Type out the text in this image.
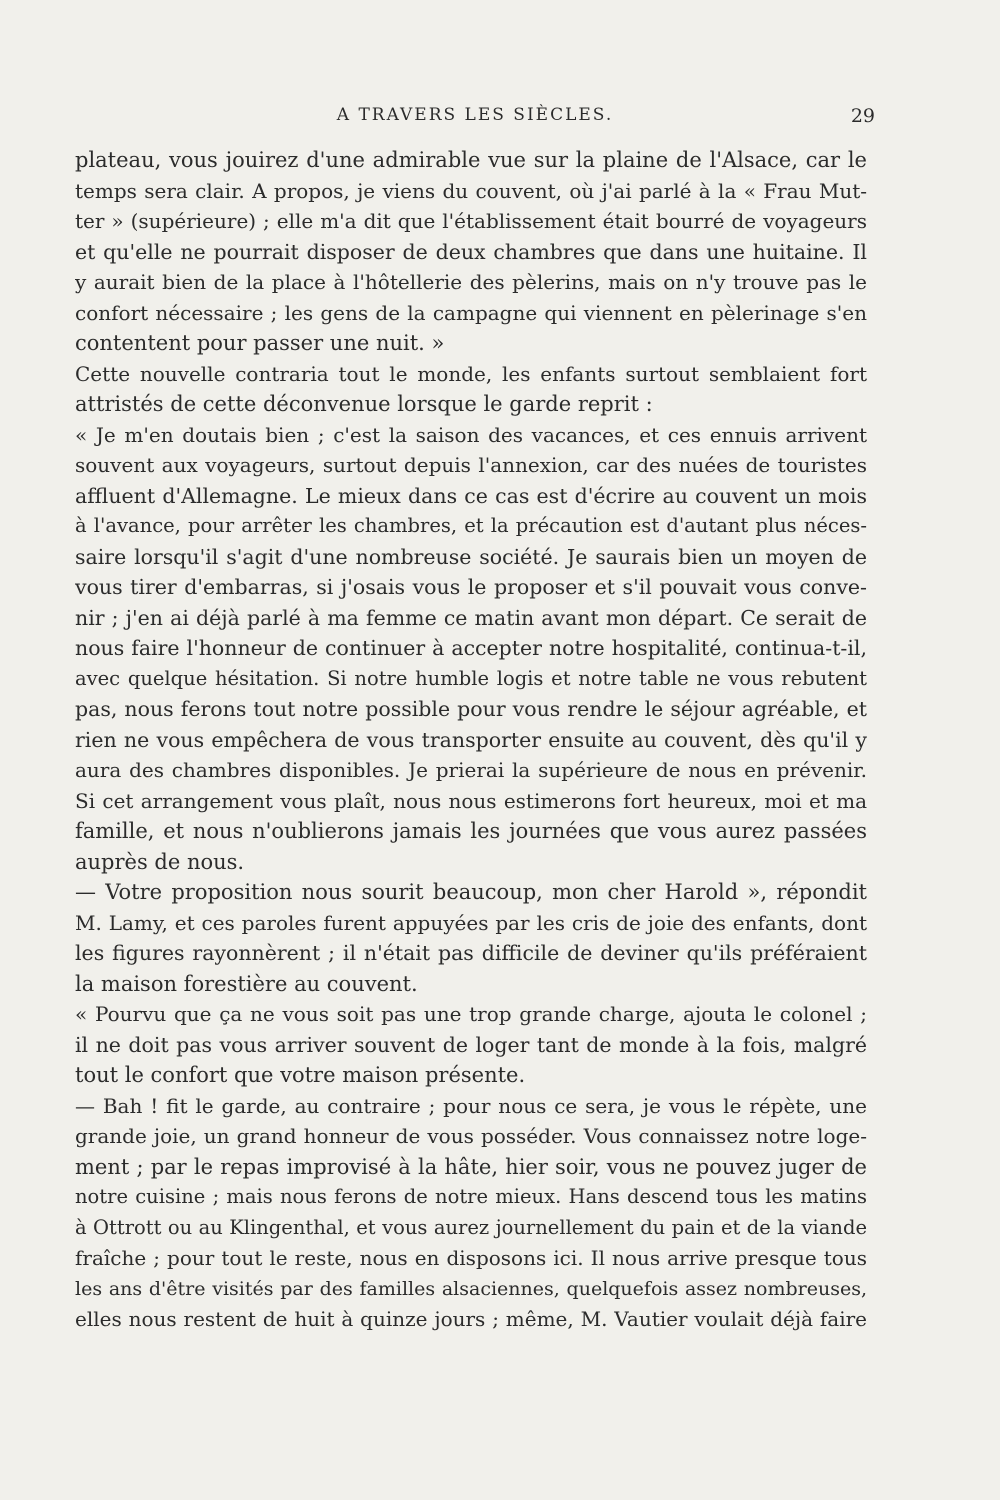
A TRAVERS LES SIÈCLES.	29
plateau, vous jouirez d'une admirable vue sur la plaine de l'Alsace, car le
temps sera clair. A propos, je viens du couvent, où j'ai parlé à la « Frau Mut-
ter » (supérieure) ; elle m'a dit que l'établissement était bourré de voyageurs
et qu'elle ne pourrait disposer de deux chambres que dans une huitaine. Il
y aurait bien de la place à l'hôtellerie des pèlerins, mais on n'y trouve pas le
confort nécessaire ; les gens de la campagne qui viennent en pèlerinage s'en
contentent pour passer une nuit. »
Cette nouvelle contraria tout le monde, les enfants surtout semblaient fort
attristés de cette déconvenue lorsque le garde reprit :
« Je m'en doutais bien ; c'est la saison des vacances, et ces ennuis arrivent
souvent aux voyageurs, surtout depuis l'annexion, car des nuées de touristes
affluent d'Allemagne. Le mieux dans ce cas est d'écrire au couvent un mois
à l'avance, pour arrêter les chambres, et la précaution est d'autant plus néces-
saire lorsqu'il s'agit d'une nombreuse société. Je saurais bien un moyen de
vous tirer d'embarras, si j'osais vous le proposer et s'il pouvait vous conve-
nir ; j'en ai déjà parlé à ma femme ce matin avant mon départ. Ce serait de
nous faire l'honneur de continuer à accepter notre hospitalité, continua-t-il,
avec quelque hésitation. Si notre humble logis et notre table ne vous rebutent
pas, nous ferons tout notre possible pour vous rendre le séjour agréable, et
rien ne vous empêchera de vous transporter ensuite au couvent, dès qu'il y
aura des chambres disponibles. Je prierai la supérieure de nous en prévenir.
Si cet arrangement vous plaît, nous nous estimerons fort heureux, moi et ma
famille, et nous n'oublierons jamais les journées que vous aurez passées
auprès de nous.
— Votre proposition nous sourit beaucoup, mon cher Harold », répondit
M. Lamy, et ces paroles furent appuyées par les cris de joie des enfants, dont
les figures rayonnèrent ; il n'était pas difficile de deviner qu'ils préféraient
la maison forestière au couvent.
« Pourvu que ça ne vous soit pas une trop grande charge, ajouta le colonel ;
il ne doit pas vous arriver souvent de loger tant de monde à la fois, malgré
tout le confort que votre maison présente.
— Bah ! fit le garde, au contraire ; pour nous ce sera, je vous le répète, une
grande joie, un grand honneur de vous posséder. Vous connaissez notre loge-
ment ; par le repas improvisé à la hâte, hier soir, vous ne pouvez juger de
notre cuisine ; mais nous ferons de notre mieux. Hans descend tous les matins
à Ottrott ou au Klingenthal, et vous aurez journellement du pain et de la viande
fraîche ; pour tout le reste, nous en disposons ici. Il nous arrive presque tous
les ans d'être visités par des familles alsaciennes, quelquefois assez nombreuses,
elles nous restent de huit à quinze jours ; même, M. Vautier voulait déjà faire
